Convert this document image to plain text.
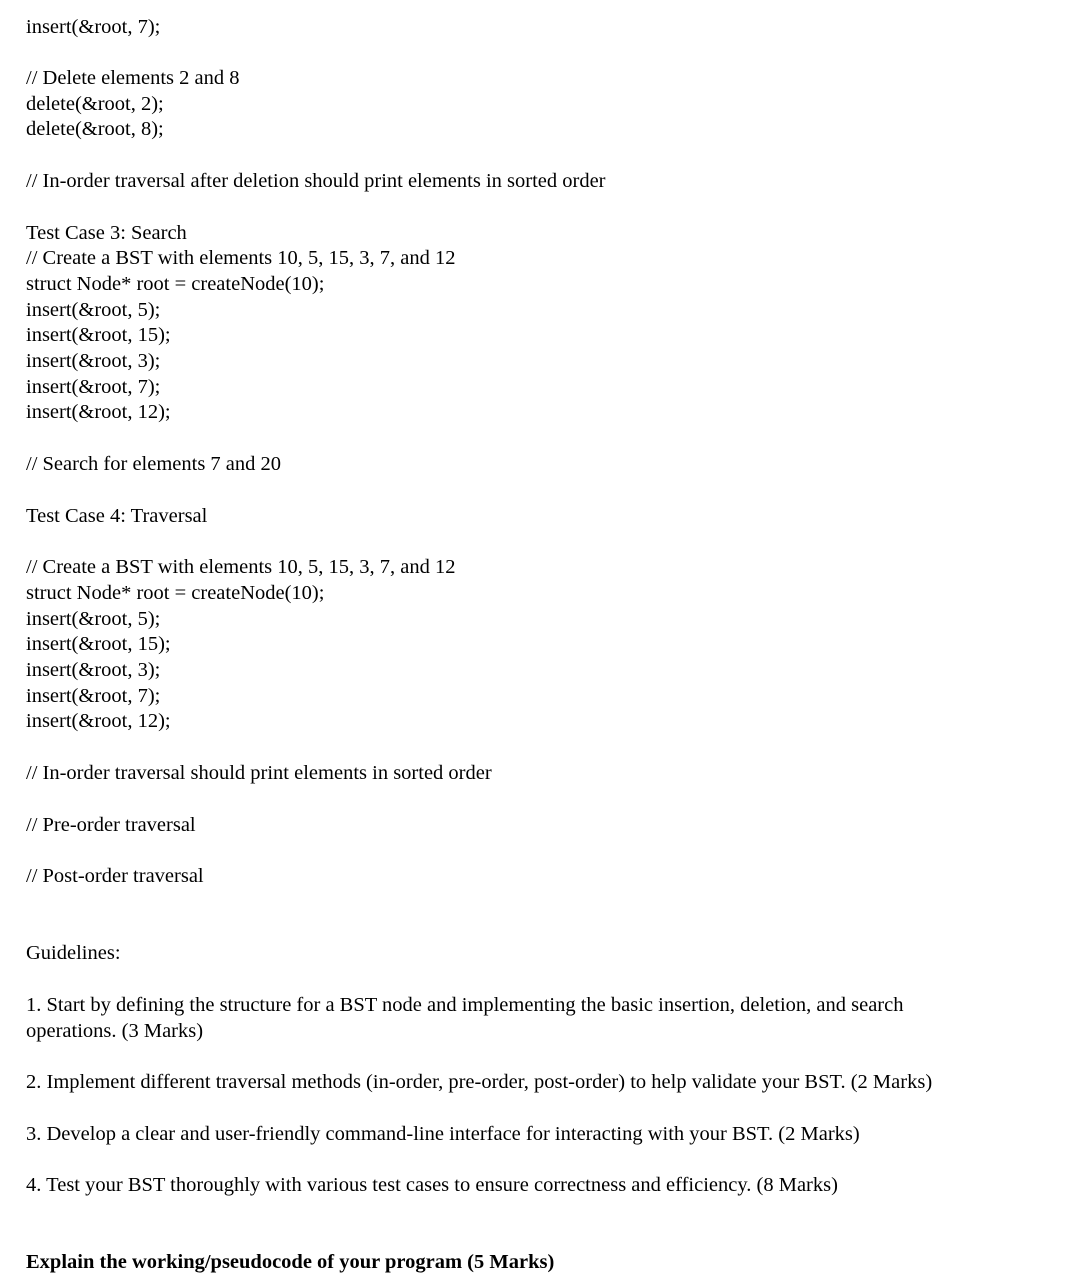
insert(&root, 7);
// Delete elements 2 and 8
delete(&root, 2);
delete(&root, 8);
// In-order traversal after deletion should print elements in sorted order
Test Case 3: Search
// Create a BST with elements 10, 5, 15, 3, 7, and 12
struct Node* root = createNode(10);
insert(&root, 5);
insert(&root, 15);
insert(&root, 3);
insert(&root, 7);
insert(&root, 12);
// Search for elements 7 and 20
Test Case 4: Traversal
// Create a BST with elements 10, 5, 15, 3, 7, and 12
struct Node* root = createNode(10);
insert(&root, 5);
insert(&root, 15);
insert(&root, 3);
insert(&root, 7);
insert(&root, 12);
// In-order traversal should print elements in sorted order
// Pre-order traversal
// Post-order traversal
Guidelines:
1. Start by defining the structure for a BST node and implementing the basic insertion, deletion, and search
operations. (3 Marks)
2. Implement different traversal methods (in-order, pre-order, post-order) to help validate your BST. (2 Marks)
3. Develop a clear and user-friendly command-line interface for interacting with your BST. (2 Marks)
4. Test your BST thoroughly with various test cases to ensure correctness and efficiency. (8 Marks)
Explain the working/pseudocode of your program (5 Marks)
